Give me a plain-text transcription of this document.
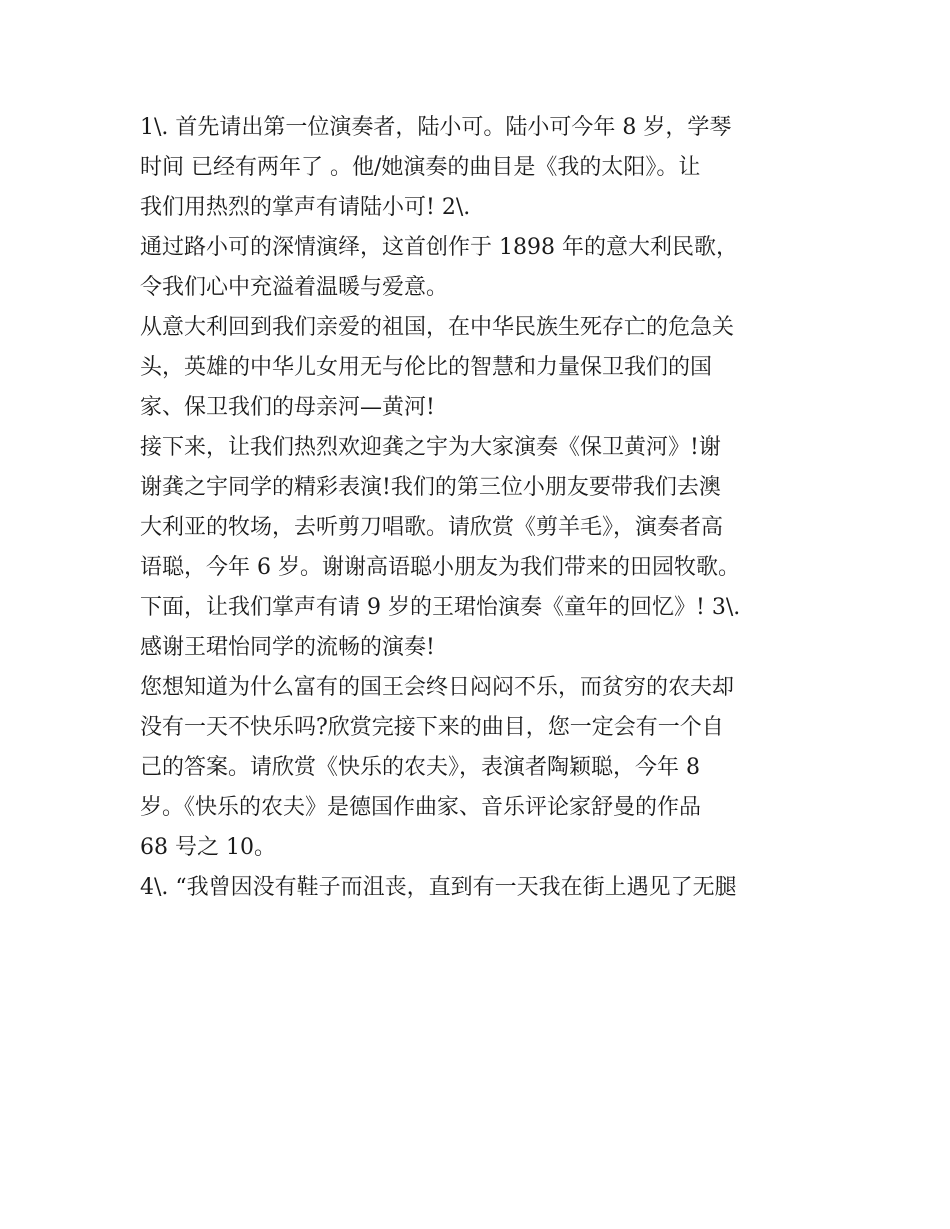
1\. 首先请出第一位演奏者，陆小可。陆小可今年 8 岁，学琴
时间 已经有两年了 。他/她演奏的曲目是《我的太阳》。让
我们用热烈的掌声有请陆小可! 2\.
通过路小可的深情演绎，这首创作于 1898 年的意大利民歌，
令我们心中充溢着温暖与爱意。
从意大利回到我们亲爱的祖国，在中华民族生死存亡的危急关
头，英雄的中华儿女用无与伦比的智慧和力量保卫我们的国
家、保卫我们的母亲河—黄河!
接下来，让我们热烈欢迎龚之宇为大家演奏《保卫黄河》!谢
谢龚之宇同学的精彩表演!我们的第三位小朋友要带我们去澳
大利亚的牧场，去听剪刀唱歌。请欣赏《剪羊毛》，演奏者高
语聪，今年 6 岁。谢谢高语聪小朋友为我们带来的田园牧歌。
下面，让我们掌声有请 9 岁的王珺怡演奏《童年的回忆》! 3\.
感谢王珺怡同学的流畅的演奏!
您想知道为什么富有的国王会终日闷闷不乐，而贫穷的农夫却
没有一天不快乐吗?欣赏完接下来的曲目，您一定会有一个自
己的答案。请欣赏《快乐的农夫》，表演者陶颖聪，今年 8
岁。《快乐的农夫》是德国作曲家、音乐评论家舒曼的作品
68 号之 10。
4\. “我曾因没有鞋子而沮丧，直到有一天我在街上遇见了无腿
